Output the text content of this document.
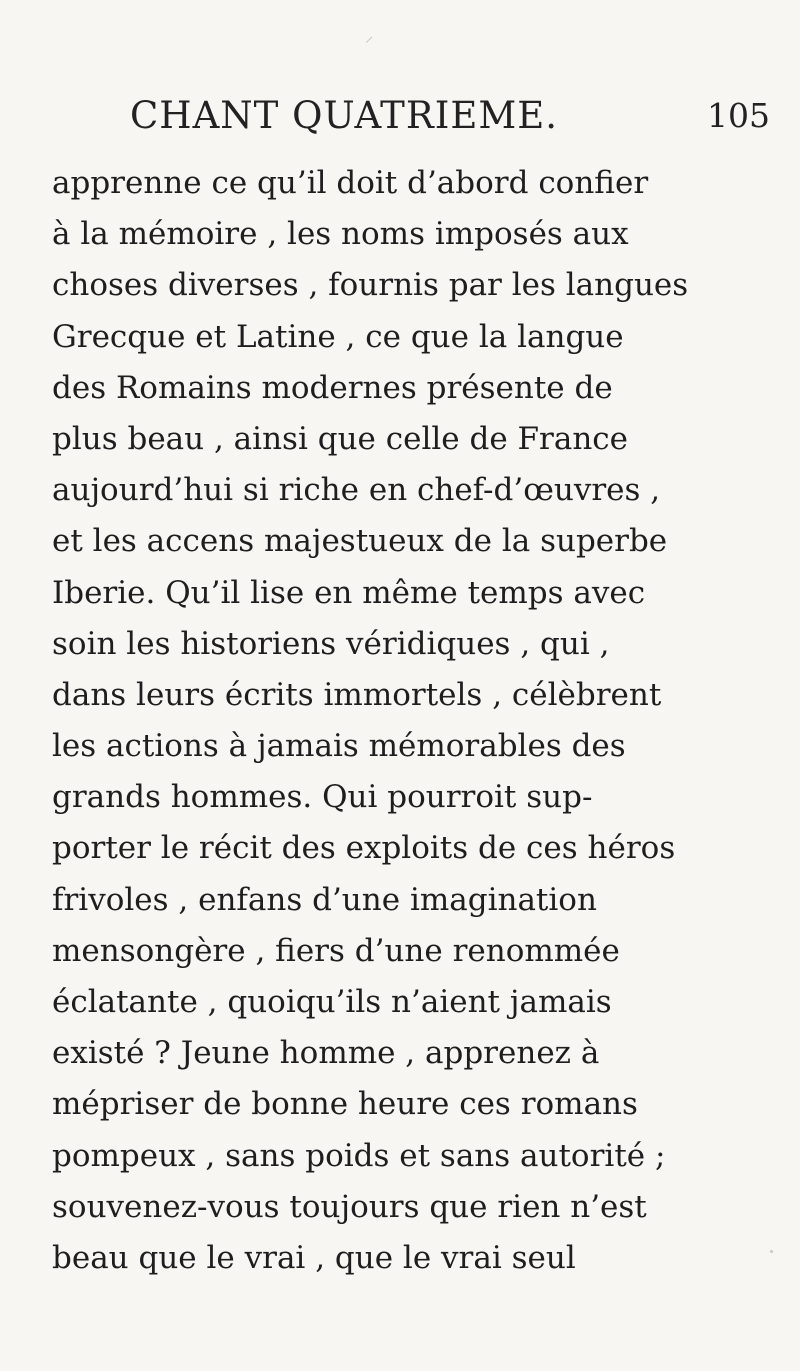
CHANT QUATRIEME.	105
apprenne ce qu’il doit d’abord confier
à la mémoire , les noms imposés aux
choses diverses , fournis par les langues
Grecque et Latine , ce que la langue
des Romains modernes présente de
plus beau , ainsi que celle de France
aujourd’hui si riche en chef-d’œuvres ,
et les accens majestueux de la superbe
Iberie. Qu’il lise en même temps avec
soin les historiens véridiques , qui ,
dans leurs écrits immortels , célèbrent
les actions à jamais mémorables des
grands hommes. Qui pourroit sup-
porter le récit des exploits de ces héros
frivoles , enfans d’une imagination
mensongère , fiers d’une renommée
éclatante , quoiqu’ils n’aient jamais
existé ? Jeune homme , apprenez à
mépriser de bonne heure ces romans
pompeux , sans poids et sans autorité ;
souvenez-vous toujours que rien n’est
beau que le vrai , que le vrai seul
